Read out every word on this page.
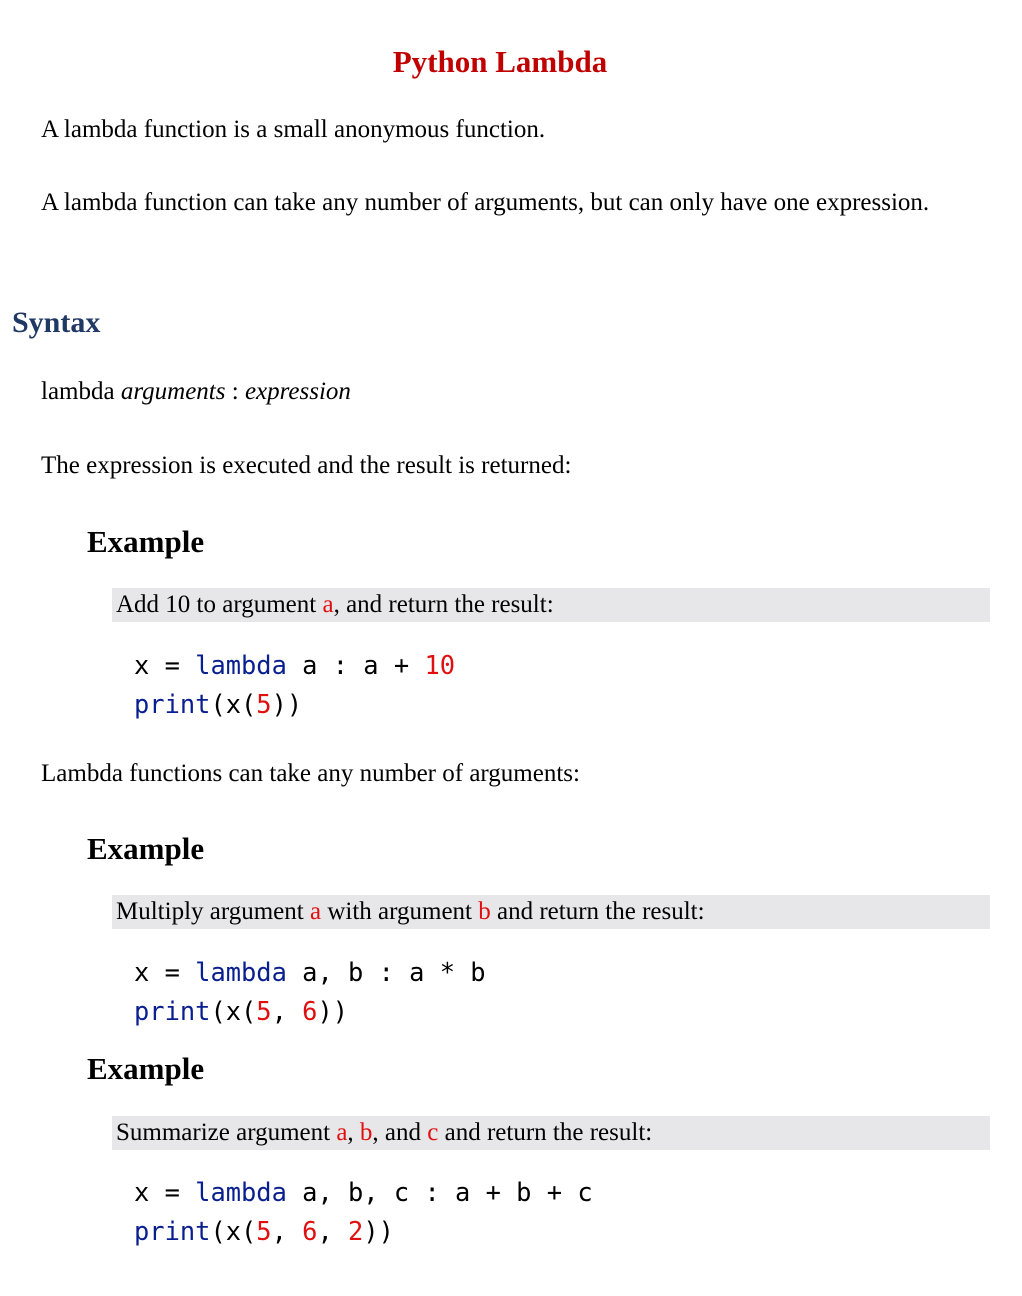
Python Lambda
A lambda function is a small anonymous function.
A lambda function can take any number of arguments, but can only have one expression.
Syntax
lambda arguments : expression
The expression is executed and the result is returned:
Example
Add 10 to argument a, and return the result:
x = lambda a : a + 10
print(x(5))
Lambda functions can take any number of arguments:
Example
Multiply argument a with argument b and return the result:
x = lambda a, b : a * b
print(x(5, 6))
Example
Summarize argument a, b, and c and return the result:
x = lambda a, b, c : a + b + c
print(x(5, 6, 2))
